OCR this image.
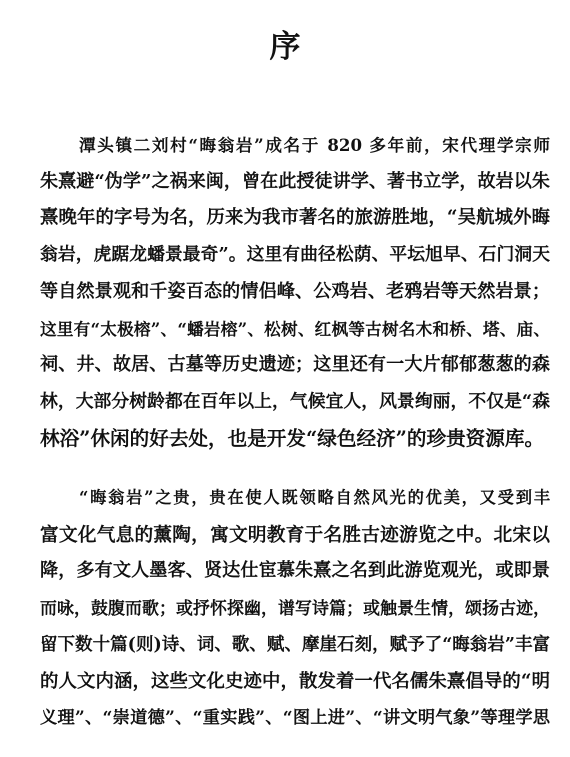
序
潭头镇二刘村“晦翁岩”成名于 820 多年前，宋代理学宗师
朱熹避“伪学”之祸来闽，曾在此授徒讲学、著书立学，故岩以朱
熹晚年的字号为名，历来为我市著名的旅游胜地，“吴航城外晦
翁岩，虎踞龙蟠景最奇”。这里有曲径松荫、平坛旭早、石门洞天
等自然景观和千姿百态的情侣峰、公鸡岩、老鸦岩等天然岩景；
这里有“太极榕”、“蟠岩榕”、松树、红枫等古树名木和桥、塔、庙、
祠、井、故居、古墓等历史遗迹；这里还有一大片郁郁葱葱的森
林，大部分树龄都在百年以上，气候宜人，风景绚丽，不仅是“森
林浴”休闲的好去处，也是开发“绿色经济”的珍贵资源库。
“晦翁岩”之贵，贵在使人既领略自然风光的优美，又受到丰
富文化气息的薰陶，寓文明教育于名胜古迹游览之中。北宋以
降，多有文人墨客、贤达仕宦慕朱熹之名到此游览观光，或即景
而咏，鼓腹而歌；或抒怀探幽，谱写诗篇；或触景生情，颂扬古迹，
留下数十篇(则)诗、词、歌、赋、摩崖石刻，赋予了“晦翁岩”丰富
的人文内涵，这些文化史迹中，散发着一代名儒朱熹倡导的“明
义理”、“崇道德”、“重实践”、“图上进”、“讲文明气象”等理学思
